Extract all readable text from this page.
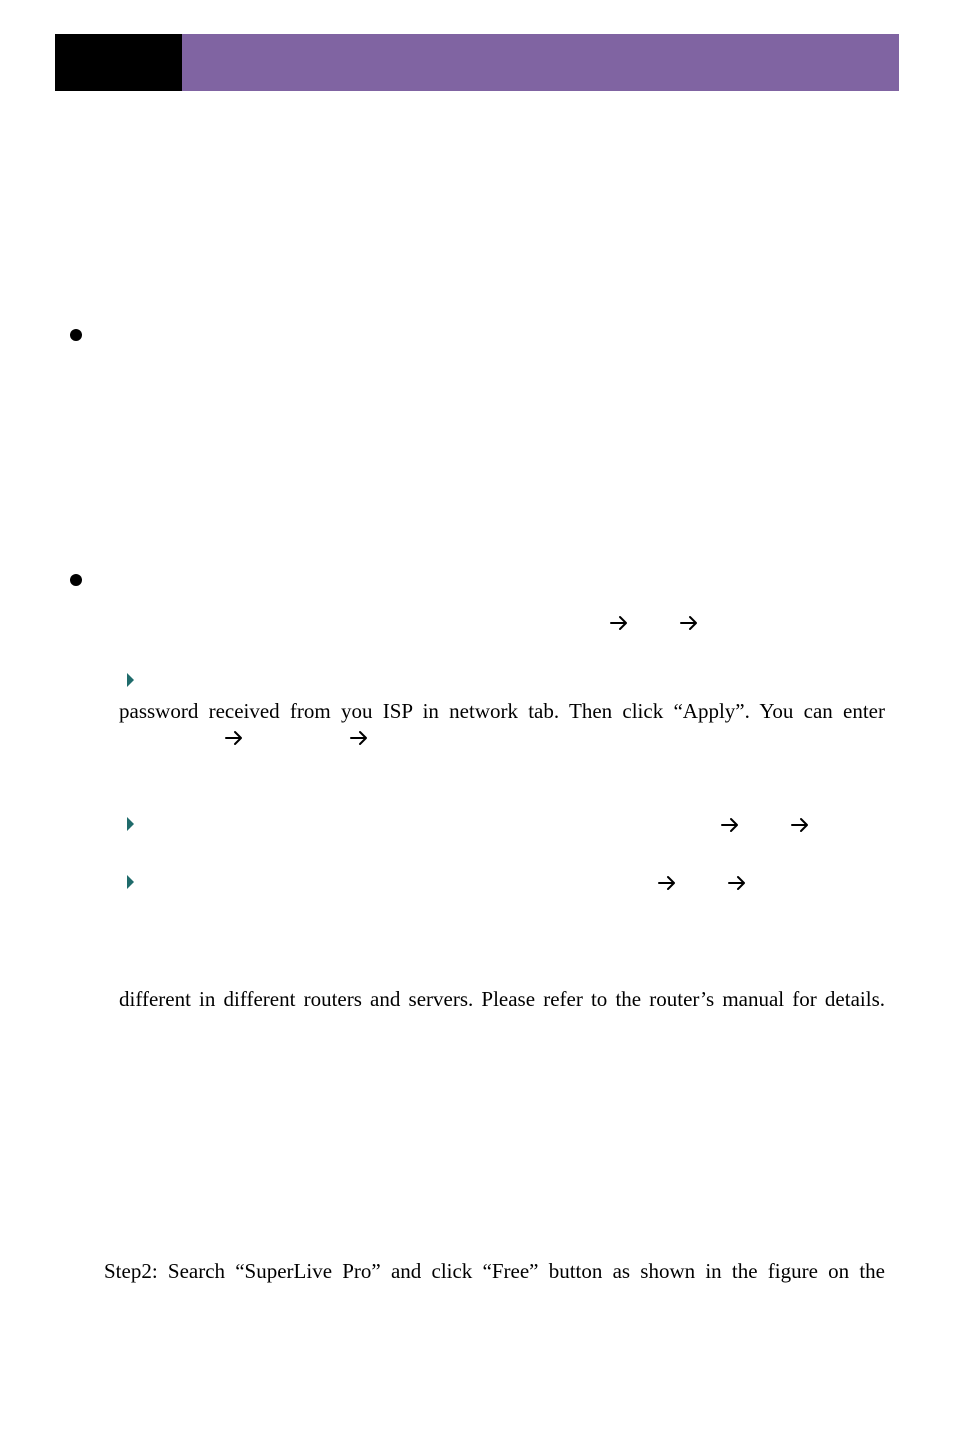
password received from you ISP in network tab. Then click “Apply”. You can enter
different in different routers and servers. Please refer to the router’s manual for details.
Step2: Search “SuperLive Pro” and click “Free” button as shown in the figure on the
